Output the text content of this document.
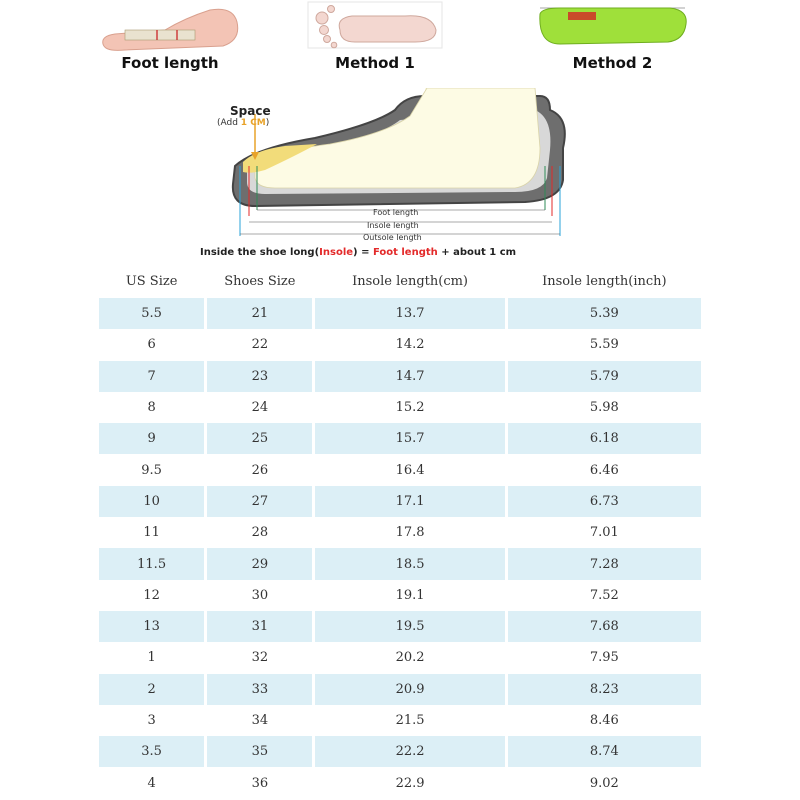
Foot length	Method 1	Method 2
Space
(Add 1 CM)
Foot length
Insole length
Outsole length
Inside the shoe long(Insole) = Foot length + about 1 cm
US Size	Shoes Size	Insole length(cm)	Insole length(inch)
5.5	21	13.7	5.39
6	22	14.2	5.59
7	23	14.7	5.79
8	24	15.2	5.98
9	25	15.7	6.18
9.5	26	16.4	6.46
10	27	17.1	6.73
11	28	17.8	7.01
11.5	29	18.5	7.28
12	30	19.1	7.52
13	31	19.5	7.68
1	32	20.2	7.95
2	33	20.9	8.23
3	34	21.5	8.46
3.5	35	22.2	8.74
4	36	22.9	9.02
